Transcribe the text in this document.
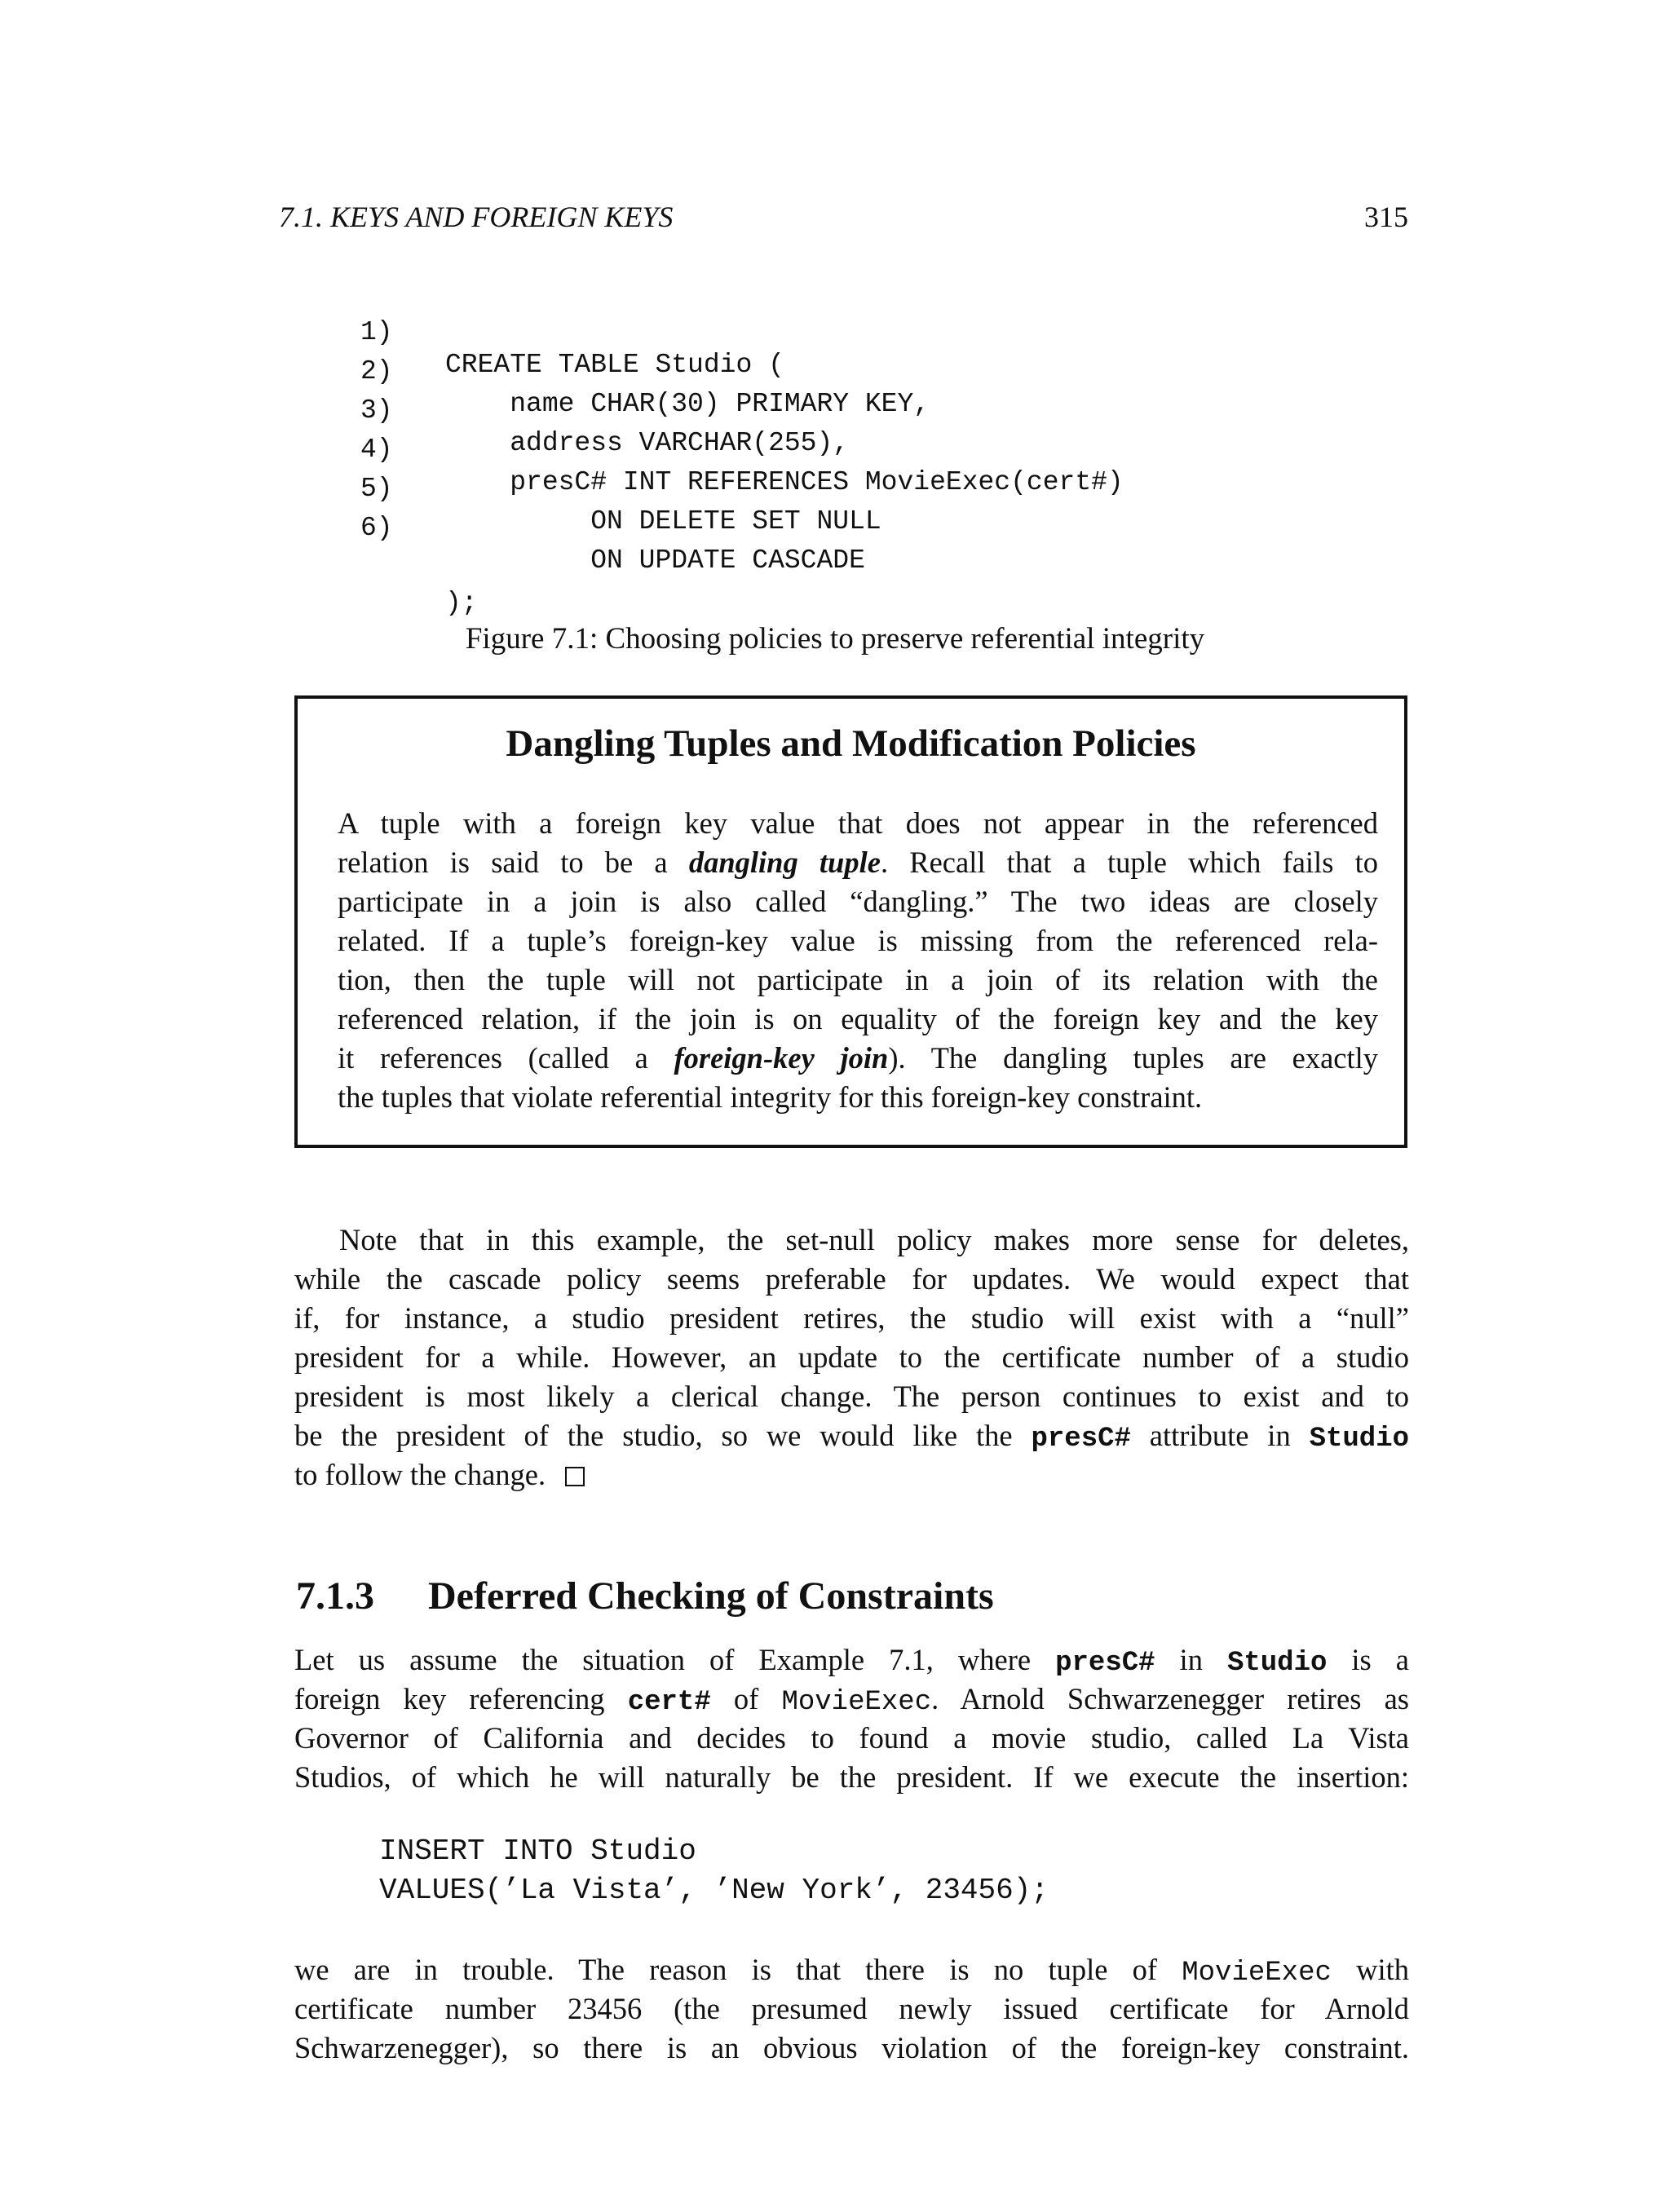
7.1. KEYS AND FOREIGN KEYS	315

1)

CREATE TABLE Studio (

2)

name CHAR(30) PRIMARY KEY,

3)

address VARCHAR(255),

4)

presC# INT REFERENCES MovieExec(cert#)

5)

ON DELETE SET NULL

6)

ON UPDATE CASCADE

);

Figure 7.1: Choosing policies to preserve referential integrity
Dangling Tuples and Modification Policies
A tuple with a foreign key value that does not appear in the referenced
relation is said to be a dangling tuple. Recall that a tuple which fails to
participate in a join is also called “dangling.” The two ideas are closely
related. If a tuple’s foreign-key value is missing from the referenced rela-
tion, then the tuple will not participate in a join of its relation with the
referenced relation, if the join is on equality of the foreign key and the key
it references (called a foreign-key join). The dangling tuples are exactly
the tuples that violate referential integrity for this foreign-key constraint.
Note that in this example, the set-null policy makes more sense for deletes,
while the cascade policy seems preferable for updates. We would expect that
if, for instance, a studio president retires, the studio will exist with a “null”
president for a while. However, an update to the certificate number of a studio
president is most likely a clerical change. The person continues to exist and to
be the president of the studio, so we would like the presC# attribute in Studio
to follow the change.
7.1.3 Deferred Checking of Constraints
Let us assume the situation of Example 7.1, where presC# in Studio is a
foreign key referencing cert# of MovieExec. Arnold Schwarzenegger retires as
Governor of California and decides to found a movie studio, called La Vista
Studios, of which he will naturally be the president. If we execute the insertion:
INSERT INTO Studio
VALUES(’La Vista’, ’New York’, 23456);
we are in trouble. The reason is that there is no tuple of MovieExec with
certificate number 23456 (the presumed newly issued certificate for Arnold
Schwarzenegger), so there is an obvious violation of the foreign-key constraint.
